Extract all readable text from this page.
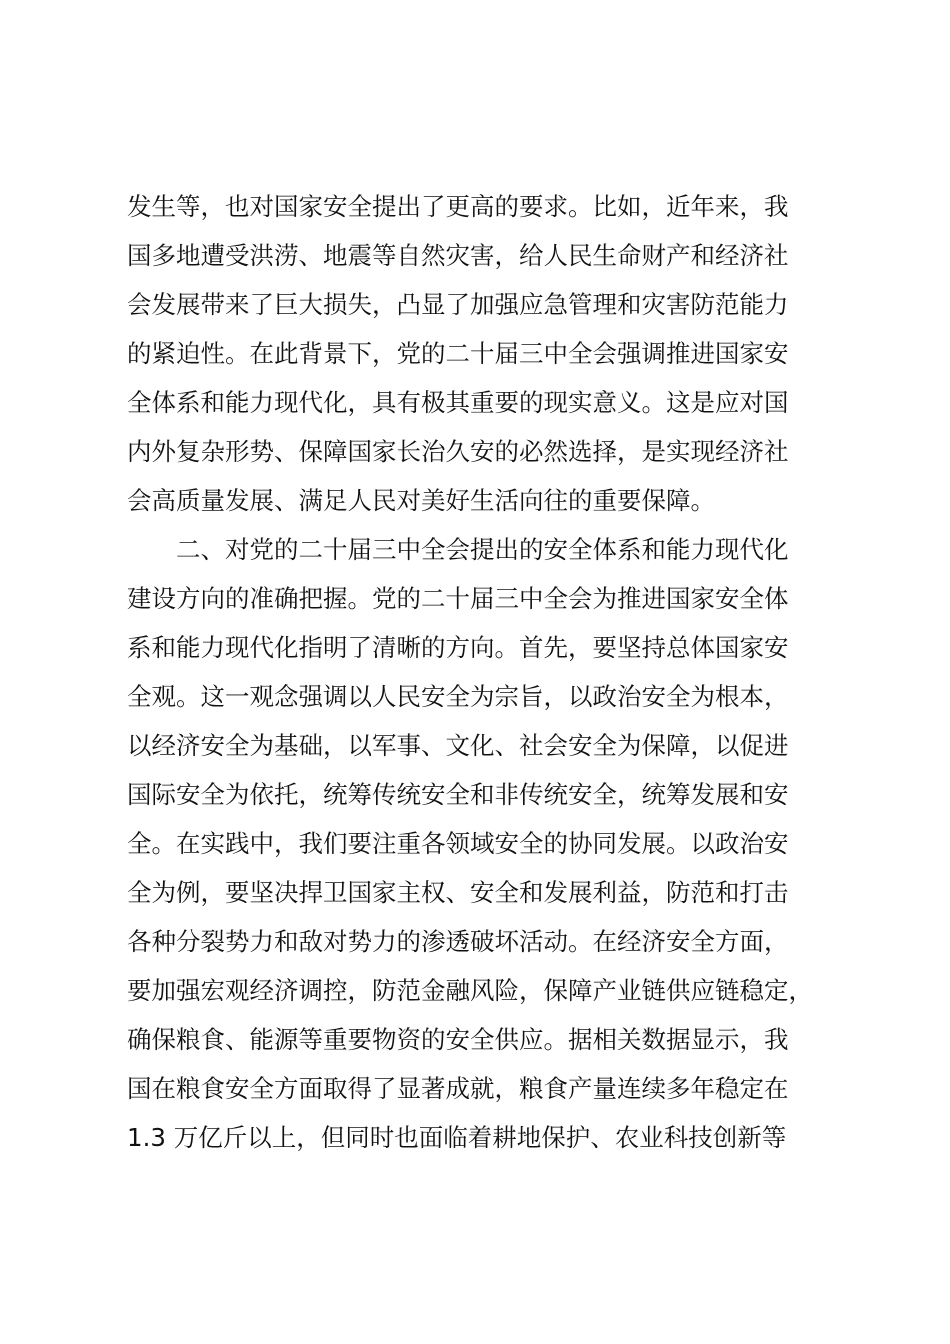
发生等，也对国家安全提出了更高的要求。比如，近年来，我
国多地遭受洪涝、地震等自然灾害，给人民生命财产和经济社
会发展带来了巨大损失，凸显了加强应急管理和灾害防范能力
的紧迫性。在此背景下，党的二十届三中全会强调推进国家安
全体系和能力现代化，具有极其重要的现实意义。这是应对国
内外复杂形势、保障国家长治久安的必然选择，是实现经济社
会高质量发展、满足人民对美好生活向往的重要保障。
二、对党的二十届三中全会提出的安全体系和能力现代化
建设方向的准确把握。党的二十届三中全会为推进国家安全体
系和能力现代化指明了清晰的方向。首先，要坚持总体国家安
全观。这一观念强调以人民安全为宗旨，以政治安全为根本，
以经济安全为基础，以军事、文化、社会安全为保障，以促进
国际安全为依托，统筹传统安全和非传统安全，统筹发展和安
全。在实践中，我们要注重各领域安全的协同发展。以政治安
全为例，要坚决捍卫国家主权、安全和发展利益，防范和打击
各种分裂势力和敌对势力的渗透破坏活动。在经济安全方面，
要加强宏观经济调控，防范金融风险，保障产业链供应链稳定，
确保粮食、能源等重要物资的安全供应。据相关数据显示，我
国在粮食安全方面取得了显著成就，粮食产量连续多年稳定在
1.3 万亿斤以上，但同时也面临着耕地保护、农业科技创新等
